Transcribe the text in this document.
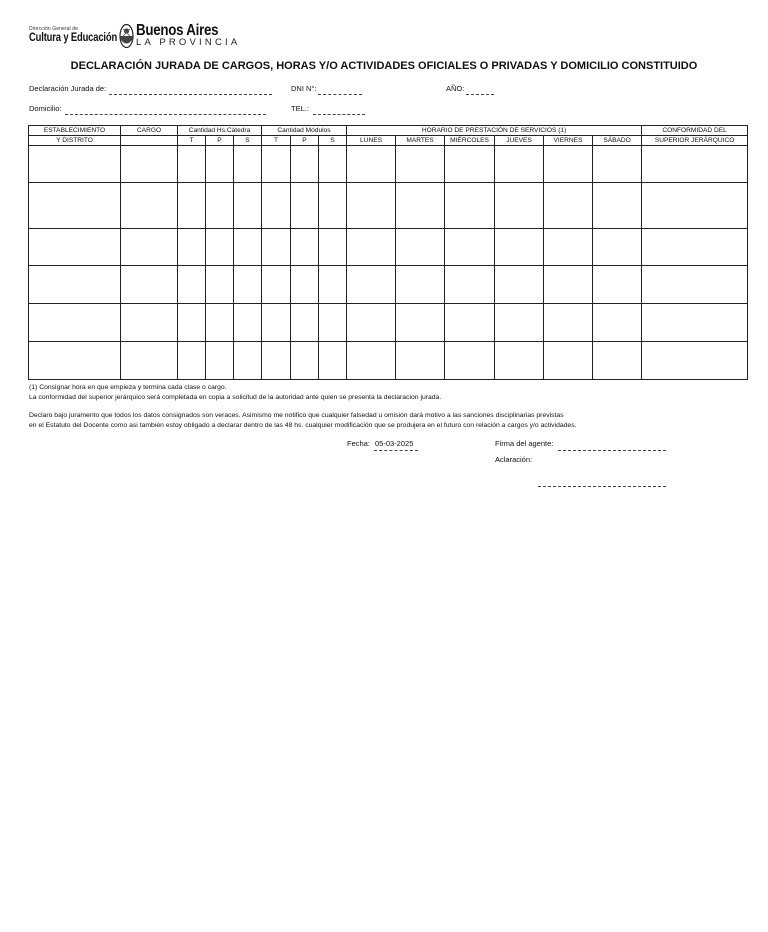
Dirección General de
Cultura y Educación Buenos Aires
LA PROVINCIA
DECLARACIÓN JURADA DE CARGOS, HORAS Y/O ACTIVIDADES OFICIALES O PRIVADAS Y DOMICILIO CONSTITUIDO
Declaración Jurada de:	DNI N°:	AÑO:
Domicilio:	TEL.:
ESTABLECIMIENTO	CARGO	Cantidad Hs.Cátedra			Cantidad Módulos			HORARIO DE PRESTACIÓN DE SERVICIOS (1)						CONFORMIDAD DEL
Y DISTRITO		T	P	S	T	P	S	LUNES	MARTES	MIÉRCOLES	JUEVES	VIERNES	SÁBADO	SUPERIOR JERÁRQUICO

(1) Consignar hora en que empieza y termina cada clase o cargo.
La conformidad del superior jerárquico será completada en copia a solicitud de la autoridad ante quien se presenta la declaracion jurada.
Declaro bajo juramento que todos los datos consignados son veraces. Asimismo me notifico que cualquier falsedad u omisión dará motivo a las sanciones disciplinarias previstas
en el Estatuto del Docente como asi también estoy obligado a declarar dentro de las 48 hs. cualquier modificación que se produjera en el futuro con relación a cargos y/o actividades.
Fecha: 05-03-2025	Firma del agente:
Aclaración:
